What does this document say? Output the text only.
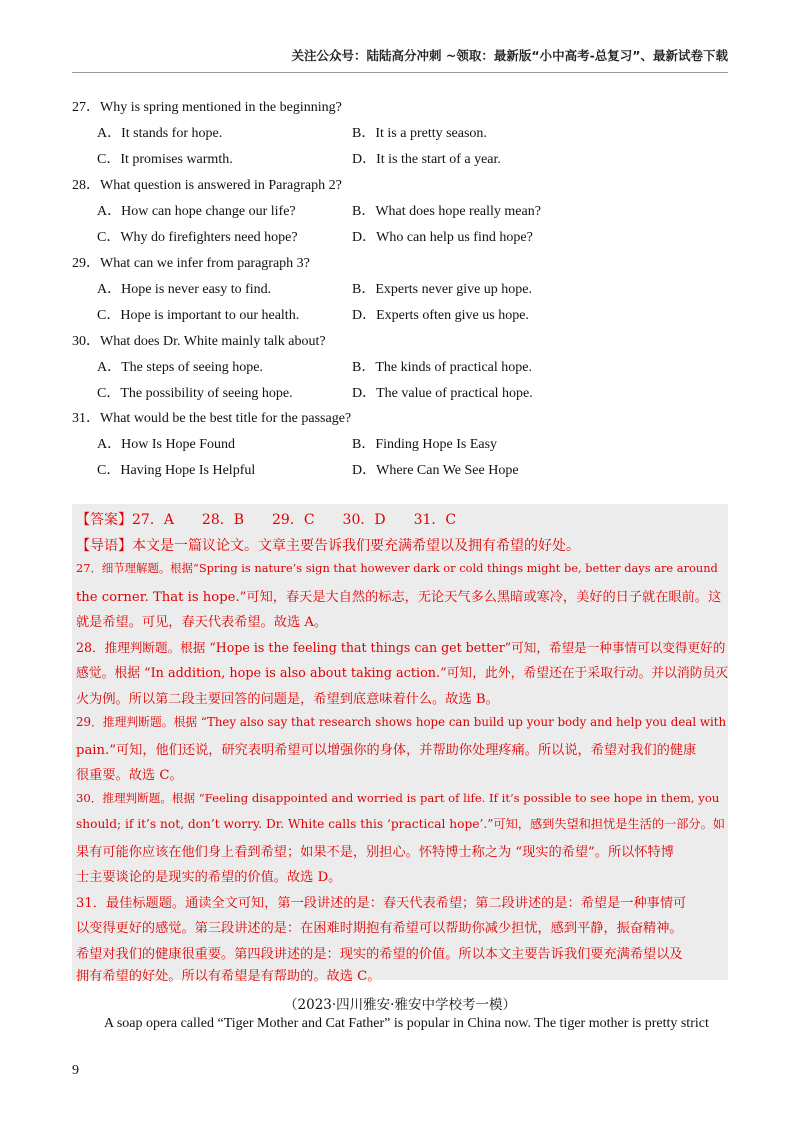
关注公众号：陆陆高分冲刺 ~领取：最新版“小中高考-总复习”、最新试卷下载
27．Why is spring mentioned in the beginning?
A．It stands for hope.	B．It is a pretty season.
C．It promises warmth.	D．It is the start of a year.
28．What question is answered in Paragraph 2?
A．How can hope change our life?	B．What does hope really mean?
C．Why do firefighters need hope?	D．Who can help us find hope?
29．What can we infer from paragraph 3?
A．Hope is never easy to find.	B．Experts never give up hope.
C．Hope is important to our health.	D．Experts often give us hope.
30．What does Dr. White mainly talk about?
A．The steps of seeing hope.	B．The kinds of practical hope.
C．The possibility of seeing hope.	D．The value of practical hope.
31．What would be the best title for the passage?
A．How Is Hope Found	B．Finding Hope Is Easy
C．Having Hope Is Helpful	D．Where Can We See Hope
【答案】27．A　　28．B　　29．C　　30．D　　31．C
【导语】本文是一篇议论文。文章主要告诉我们要充满希望以及拥有希望的好处。
27．细节理解题。根据“Spring is nature’s sign that however dark or cold things might be, better days are around
the corner. That is hope.”可知，春天是大自然的标志，无论天气多么黑暗或寒冷，美好的日子就在眼前。这
就是希望。可见，春天代表希望。故选 A。
28．推理判断题。根据 “Hope is the feeling that things can get better”可知，希望是一种事情可以变得更好的
感觉。根据 “In addition, hope is also about taking action.”可知，此外，希望还在于采取行动。并以消防员灭
火为例。所以第二段主要回答的问题是，希望到底意味着什么。故选 B。
29．推理判断题。根据 “They also say that research shows hope can build up your body and help you deal with
pain.”可知，他们还说，研究表明希望可以增强你的身体，并帮助你处理疼痛。所以说，希望对我们的健康
很重要。故选 C。
30．推理判断题。根据 “Feeling disappointed and worried is part of life. If it’s possible to see hope in them, you
should; if it’s not, don’t worry. Dr. White calls this ‘practical hope’.”可知，感到失望和担忧是生活的一部分。如
果有可能你应该在他们身上看到希望；如果不是，别担心。怀特博士称之为 “现实的希望”。所以怀特博
士主要谈论的是现实的希望的价值。故选 D。
31．最佳标题题。通读全文可知，第一段讲述的是：春天代表希望；第二段讲述的是：希望是一种事情可
以变得更好的感觉。第三段讲述的是：在困难时期抱有希望可以帮助你减少担忧，感到平静，振奋精神。
希望对我们的健康很重要。第四段讲述的是：现实的希望的价值。所以本文主要告诉我们要充满希望以及
拥有希望的好处。所以有希望是有帮助的。故选 C。
（2023·四川雅安·雅安中学校考一模）
A soap opera called “Tiger Mother and Cat Father” is popular in China now. The tiger mother is pretty strict
9
